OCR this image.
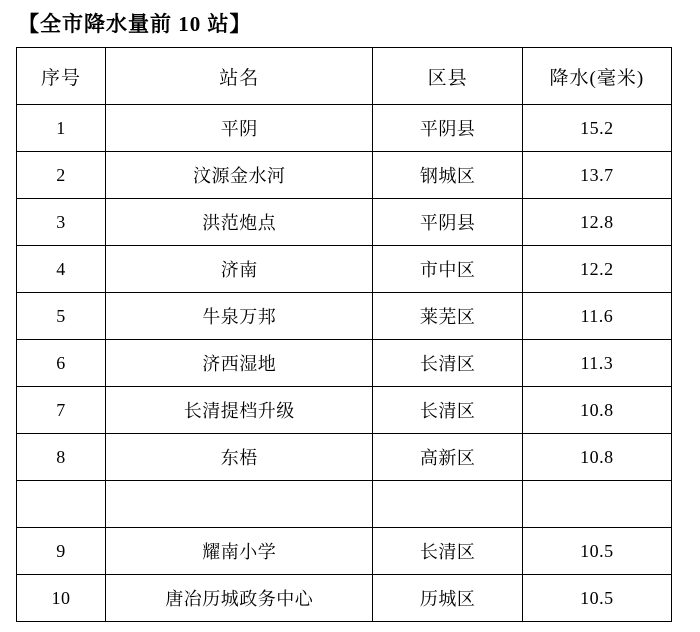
【全市降水量前 10 站】
序号	站名	区县	降水(毫米)
1	平阴	平阴县	15.2
2	汶源金水河	钢城区	13.7
3	洪范炮点	平阴县	12.8
4	济南	市中区	12.2
5	牛泉万邦	莱芜区	11.6
6	济西湿地	长清区	11.3
7	长清提档升级	长清区	10.8
8	东梧	高新区	10.8

9	耀南小学	长清区	10.5
10	唐冶历城政务中心	历城区	10.5
